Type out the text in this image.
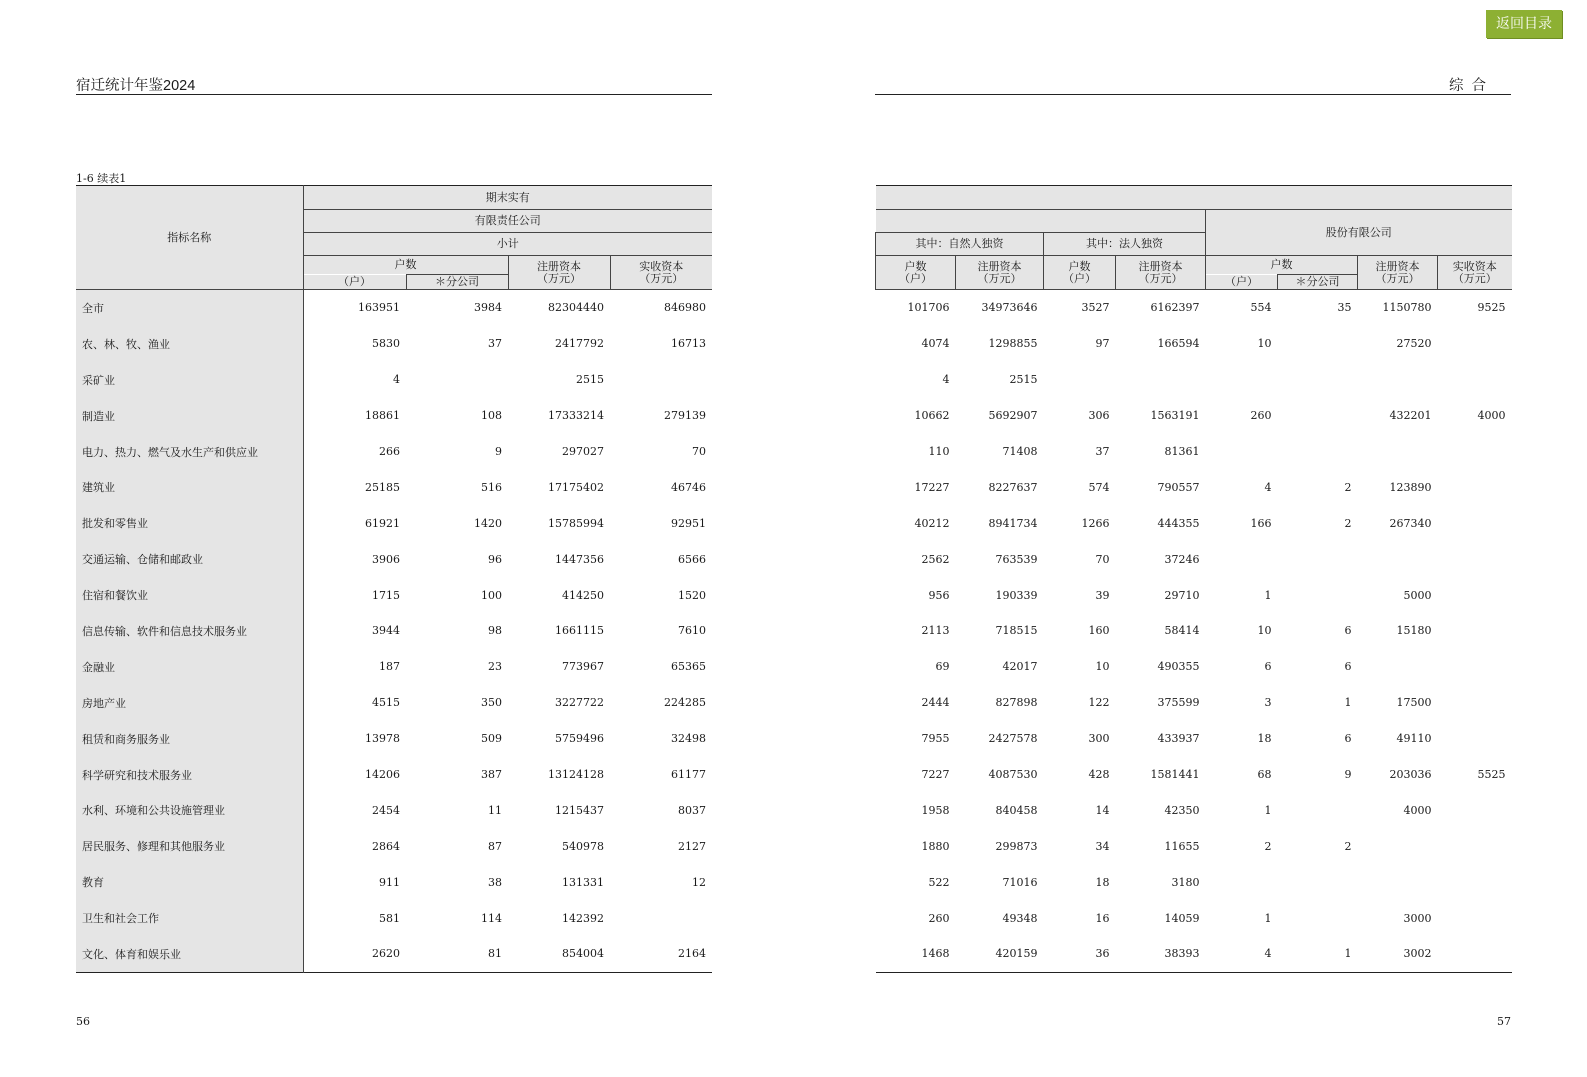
宿迁统计年鉴2024	综合
返回目录
1-6 续表1
指标名称	期末实有			
	有限责任公司			
	小计			
	户数		注册资本
（万元）	实收资本
（万元）
	（户）	＊分公司		
全市	163951	3984	82304440	846980
农、林、牧、渔业	5830	37	2417792	16713
采矿业	4		2515	
制造业	18861	108	17333214	279139
电力、热力、燃气及水生产和供应业	266	9	297027	70
建筑业	25185	516	17175402	46746
批发和零售业	61921	1420	15785994	92951
交通运输、仓储和邮政业	3906	96	1447356	6566
住宿和餐饮业	1715	100	414250	1520
信息传输、软件和信息技术服务业	3944	98	1661115	7610
金融业	187	23	773967	65365
房地产业	4515	350	3227722	224285
租赁和商务服务业	13978	509	5759496	32498
科学研究和技术服务业	14206	387	13124128	61177
水利、环境和公共设施管理业	2454	11	1215437	8037
居民服务、修理和其他服务业	2864	87	540978	2127
教育	911	38	131331	12
卫生和社会工作	581	114	142392	
文化、体育和娱乐业	2620	81	854004	2164

				股份有限公司			
其中：自然人独资		其中：法人独资					
户数
（户）	注册资本
（万元）	户数
（户）	注册资本
（万元）	户数		注册资本
（万元）	实收资本
（万元）
				（户）	＊分公司		
101706	34973646	3527	6162397	554	35	1150780	9525
4074	1298855	97	166594	10		27520	
4	2515						
10662	5692907	306	1563191	260		432201	4000
110	71408	37	81361				
17227	8227637	574	790557	4	2	123890	
40212	8941734	1266	444355	166	2	267340	
2562	763539	70	37246				
956	190339	39	29710	1		5000	
2113	718515	160	58414	10	6	15180	
69	42017	10	490355	6	6		
2444	827898	122	375599	3	1	17500	
7955	2427578	300	433937	18	6	49110	
7227	4087530	428	1581441	68	9	203036	5525
1958	840458	14	42350	1		4000	
1880	299873	34	11655	2	2		
522	71016	18	3180				
260	49348	16	14059	1		3000	
1468	420159	36	38393	4	1	3002	
56	57
